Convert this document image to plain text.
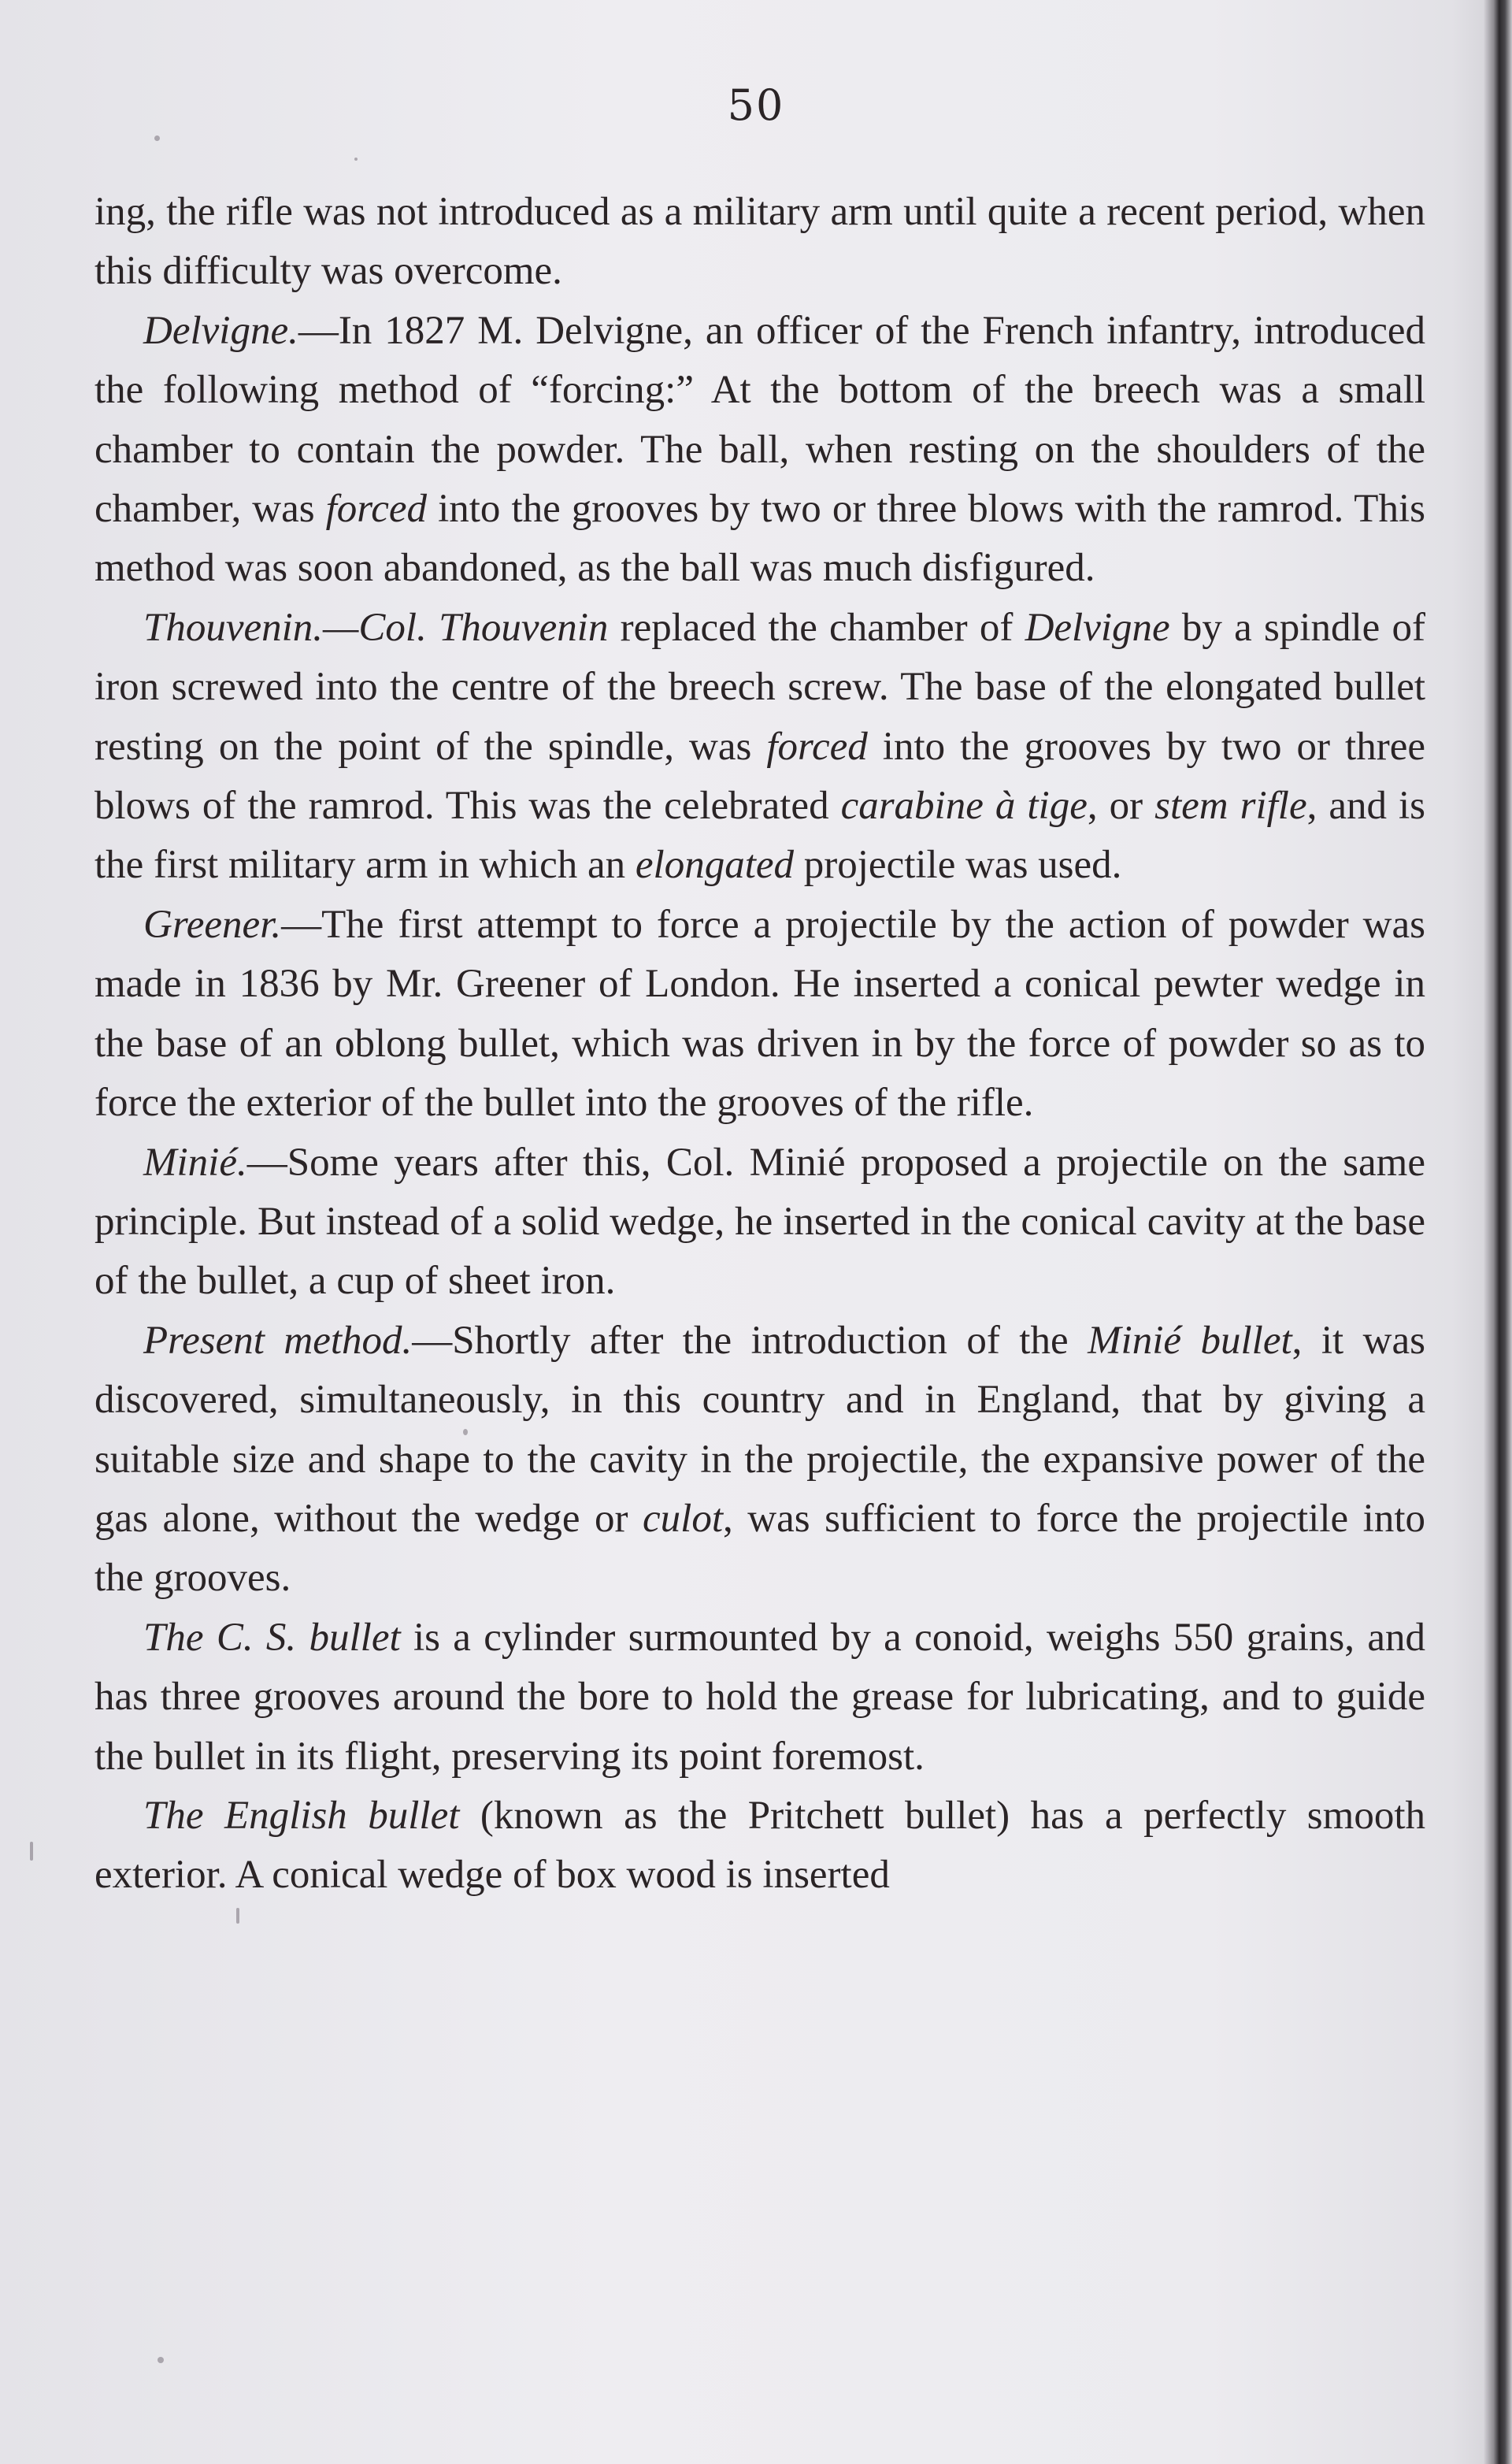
50

ing, the rifle was not introduced as a military arm until quite a recent period, when this difficulty was overcome.

Delvigne.—In 1827 M. Delvigne, an officer of the French infantry, introduced the following method of “forcing:” At the bottom of the breech was a small chamber to contain the powder. The ball, when resting on the shoulders of the chamber, was forced into the grooves by two or three blows with the ramrod. This method was soon abandoned, as the ball was much disfigured.

Thouvenin.—Col. Thouvenin replaced the chamber of Delvigne by a spindle of iron screwed into the centre of the breech screw. The base of the elongated bullet resting on the point of the spindle, was forced into the grooves by two or three blows of the ramrod. This was the celebrated carabine à tige, or stem rifle, and is the first military arm in which an elongated projectile was used.

Greener.—The first attempt to force a projectile by the action of powder was made in 1836 by Mr. Greener of London. He inserted a conical pewter wedge in the base of an oblong bullet, which was driven in by the force of powder so as to force the exterior of the bullet into the grooves of the rifle.

Minié.—Some years after this, Col. Minié proposed a projectile on the same principle. But instead of a solid wedge, he inserted in the conical cavity at the base of the bullet, a cup of sheet iron.

Present method.—Shortly after the introduction of the Minié bullet, it was discovered, simultaneously, in this country and in England, that by giving a suitable size and shape to the cavity in the projectile, the expansive power of the gas alone, without the wedge or culot, was sufficient to force the projectile into the grooves.

The C. S. bullet is a cylinder surmounted by a conoid, weighs 550 grains, and has three grooves around the bore to hold the grease for lubricating, and to guide the bullet in its flight, preserving its point foremost.

The English bullet (known as the Pritchett bullet) has a perfectly smooth exterior. A conical wedge of box wood is inserted
